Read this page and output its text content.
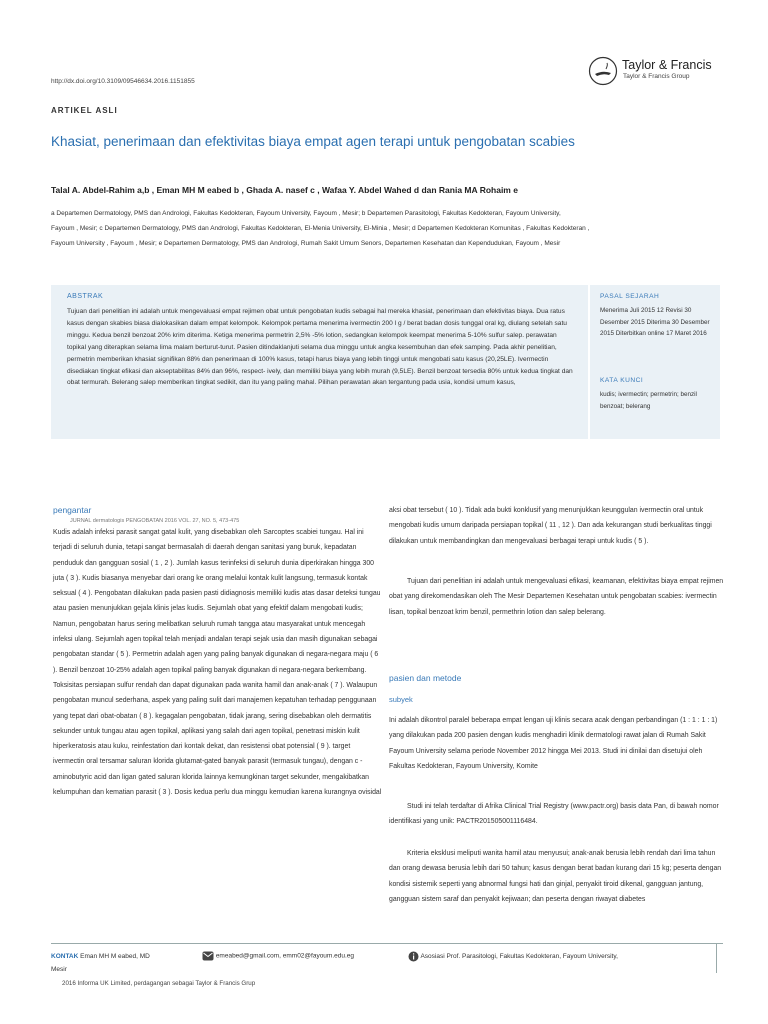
http://dx.doi.org/10.3109/09546634.2016.1151855
Taylor & Francis
Taylor & Francis Group
ARTIKEL ASLI
Khasiat, penerimaan dan efektivitas biaya empat agen terapi untuk pengobatan scabies
Talal A. Abdel-Rahim a,b , Eman MH M eabed b , Ghada A. nasef c , Wafaa Y. Abdel Wahed d dan Rania MA Rohaim e
a Departemen Dermatology, PMS dan Andrologi, Fakultas Kedokteran, Fayoum University, Fayoum , Mesir; b Departemen Parasitologi, Fakultas Kedokteran, Fayoum University,
Fayoum , Mesir; c Departemen Dermatology, PMS dan Andrologi, Fakultas Kedokteran, El-Menia University, El-Minia , Mesir; d Departemen Kedokteran Komunitas , Fakultas Kedokteran ,
Fayoum University , Fayoum , Mesir; e Departemen Dermatology, PMS dan Andrologi, Rumah Sakit Umum Senors, Departemen Kesehatan dan Kependudukan, Fayoum , Mesir
ABSTRAK
Tujuan dari penelitian ini adalah untuk mengevaluasi empat rejimen obat untuk pengobatan kudis sebagai hal mereka khasiat, penerimaan dan efektivitas biaya. Dua ratus kasus dengan skabies biasa dialokasikan dalam empat kelompok. Kelompok pertama menerima ivermectin 200 l g / berat badan dosis tunggal oral kg, diulang setelah satu minggu. Kedua benzil benzoat 20% krim diterima. Ketiga menerima permetrin 2,5% -5% lotion, sedangkan kelompok keempat menerima 5-10% sulfur salep. perawatan topikal yang diterapkan selama lima malam berturut-turut. Pasien ditindaklanjuti selama dua minggu untuk angka kesembuhan dan efek samping. Pada akhir penelitian, permetrin memberikan khasiat signifikan 88% dan penerimaan di 100% kasus, tetapi harus biaya yang lebih tinggi untuk mengobati satu kasus (20,25LE). Ivermectin disediakan tingkat efikasi dan akseptabilitas 84% dan 96%, respect- ively, dan memiliki biaya yang lebih murah (9,5LE). Benzil benzoat tersedia 80% untuk kedua tingkat dan obat termurah. Belerang salep memberikan tingkat sedikit, dan itu yang paling mahal. Pilihan perawatan akan tergantung pada usia, kondisi umum kasus,
PASAL SEJARAH
Menerima Juli 2015 12 Revisi 30 Desember 2015 Diterima 30 Desember 2015 Diterbitkan online 17 Maret 2016
KATA KUNCI
kudis; ivermectin; permetrin; benzil benzoat; belerang
pengantar
JURNAL dermatologis PENGOBATAN 2016 VOL. 27, NO. 5, 473-475

Kudis adalah infeksi parasit sangat gatal kulit, yang disebabkan oleh Sarcoptes scabiei tungau. Hal ini terjadi di seluruh dunia, tetapi sangat bermasalah di daerah dengan sanitasi yang buruk, kepadatan penduduk dan gangguan sosial ( 1 , 2 ). Jumlah kasus terinfeksi di seluruh dunia diperkirakan hingga 300 juta ( 3 ). Kudis biasanya menyebar dari orang ke orang melalui kontak kulit langsung, termasuk kontak seksual ( 4 ). Pengobatan dilakukan pada pasien pasti didiagnosis memiliki kudis atas dasar deteksi tungau atau pasien menunjukkan gejala klinis jelas kudis. Sejumlah obat yang efektif dalam mengobati kudis; Namun, pengobatan harus sering melibatkan seluruh rumah tangga atau masyarakat untuk mencegah infeksi ulang. Sejumlah agen topikal telah menjadi andalan terapi sejak usia dan masih digunakan sebagai pengobatan standar ( 5 ). Permetrin adalah agen yang paling banyak digunakan di negara-negara maju ( 6 ). Benzil benzoat 10-25% adalah agen topikal paling banyak digunakan di negara-negara berkembang. Toksisitas persiapan sulfur rendah dan dapat digunakan pada wanita hamil dan anak-anak ( 7 ). Walaupun pengobatan muncul sederhana, aspek yang paling sulit dari manajemen kepatuhan terhadap penggunaan yang tepat dari obat-obatan ( 8 ). kegagalan pengobatan, tidak jarang, sering disebabkan oleh dermatitis sekunder untuk tungau atau agen topikal, aplikasi yang salah dari agen topikal, penetrasi miskin kulit hiperkeratosis atau kuku, reinfestation dari kontak dekat, dan resistensi obat potensial ( 9 ). target ivermectin oral tersamar saluran klorida glutamat-gated banyak parasit (termasuk tungau), dengan c -aminobutyric acid dan ligan gated saluran klorida lainnya kemungkinan target sekunder, mengakibatkan kelumpuhan dan kematian parasit ( 3 ). Dosis kedua perlu dua minggu kemudian karena kurangnya ovisidal

aksi obat tersebut ( 10 ). Tidak ada bukti konklusif yang menunjukkan keunggulan ivermectin oral untuk mengobati kudis umum daripada persiapan topikal ( 11 , 12 ). Dan ada kekurangan studi berkualitas tinggi dilakukan untuk membandingkan dan mengevaluasi berbagai terapi untuk kudis ( 5 ).

Tujuan dari penelitian ini adalah untuk mengevaluasi efikasi, keamanan, efektivitas biaya empat rejimen obat yang direkomendasikan oleh The Mesir Departemen Kesehatan untuk pengobatan scabies: ivermectin lisan, topikal benzoat krim benzil, permethrin lotion dan salep belerang.

pasien dan metode
subyek

Ini adalah dikontrol paralel beberapa empat lengan uji klinis secara acak dengan perbandingan (1 : 1 : 1 : 1) yang dilakukan pada 200 pasien dengan kudis menghadiri klinik dermatologi rawat jalan di Rumah Sakit Fayoum University selama periode November 2012 hingga Mei 2013. Studi ini dinilai dan disetujui oleh Fakultas Kedokteran, Fayoum University, Komite

Studi ini telah terdaftar di Afrika Clinical Trial Registry (www.pactr.org) basis data Pan, di bawah nomor identifikasi yang unik: PACTR201505001116484.

Kriteria eksklusi meliputi wanita hamil atau menyusui; anak-anak berusia lebih rendah dari lima tahun dan orang dewasa berusia lebih dari 50 tahun; kasus dengan berat badan kurang dari 15 kg; peserta dengan kondisi sistemik seperti yang abnormal fungsi hati dan ginjal, penyakit tiroid dikenal, gangguan jantung, gangguan sistem saraf dan penyakit kejiwaan; dan peserta dengan riwayat diabetes

KONTAK Eman MH M eabed, MD
Mesir
emeabed@gmail.com, emm02@fayoum.edu.eg	Asosiasi Prof. Parasitologi, Fakultas Kedokteran, Fayoum University,
2016 Informa UK Limited, perdagangan sebagai Taylor & Francis Grup
